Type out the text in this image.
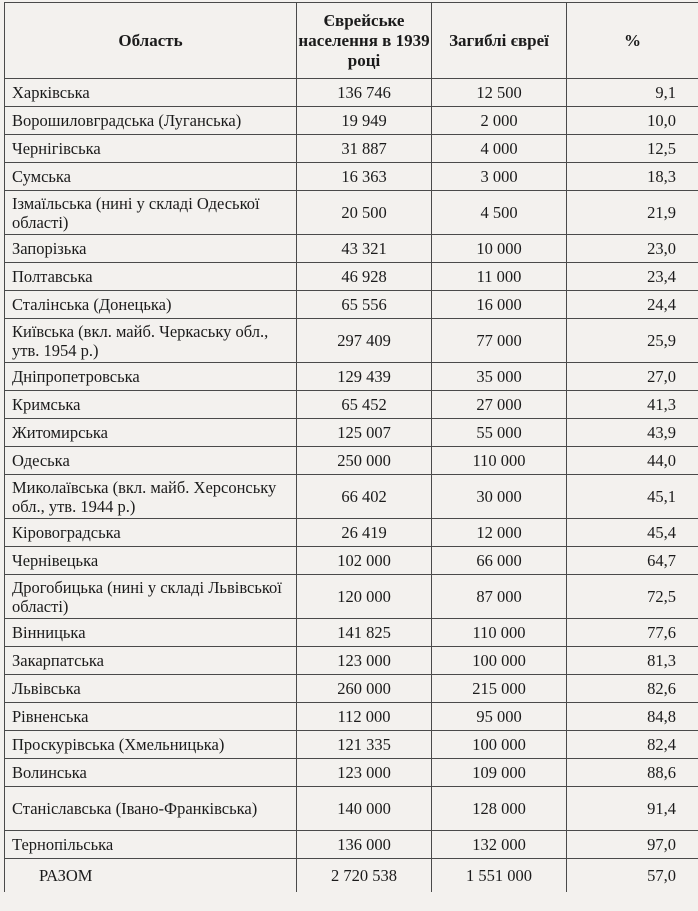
Область	Єврейське населення в 1939 році	Загиблі євреї	%
Харківська	136 746	12 500	9,1
Ворошиловградська (Луганська)	19 949	2 000	10,0
Чернігівська	31 887	4 000	12,5
Сумська	16 363	3 000	18,3
Ізмаїльська (нині у складі Одеської області)	20 500	4 500	21,9
Запорізька	43 321	10 000	23,0
Полтавська	46 928	11 000	23,4
Сталінська (Донецька)	65 556	16 000	24,4
Київська (вкл. майб. Черкаську обл., утв. 1954 р.)	297 409	77 000	25,9
Дніпропетровська	129 439	35 000	27,0
Кримська	65 452	27 000	41,3
Житомирська	125 007	55 000	43,9
Одеська	250 000	110 000	44,0
Миколаївська (вкл. майб. Херсонську обл., утв. 1944 р.)	66 402	30 000	45,1
Кіровоградська	26 419	12 000	45,4
Чернівецька	102 000	66 000	64,7
Дрогобицька (нині у складі Львівської області)	120 000	87 000	72,5
Вінницька	141 825	110 000	77,6
Закарпатська	123 000	100 000	81,3
Львівська	260 000	215 000	82,6
Рівненська	112 000	95 000	84,8
Проскурівська (Хмельницька)	121 335	100 000	82,4
Волинська	123 000	109 000	88,6
Станіславська (Івано-Франківська)	140 000	128 000	91,4
Тернопільська	136 000	132 000	97,0
РАЗОМ	2 720 538	1 551 000	57,0
